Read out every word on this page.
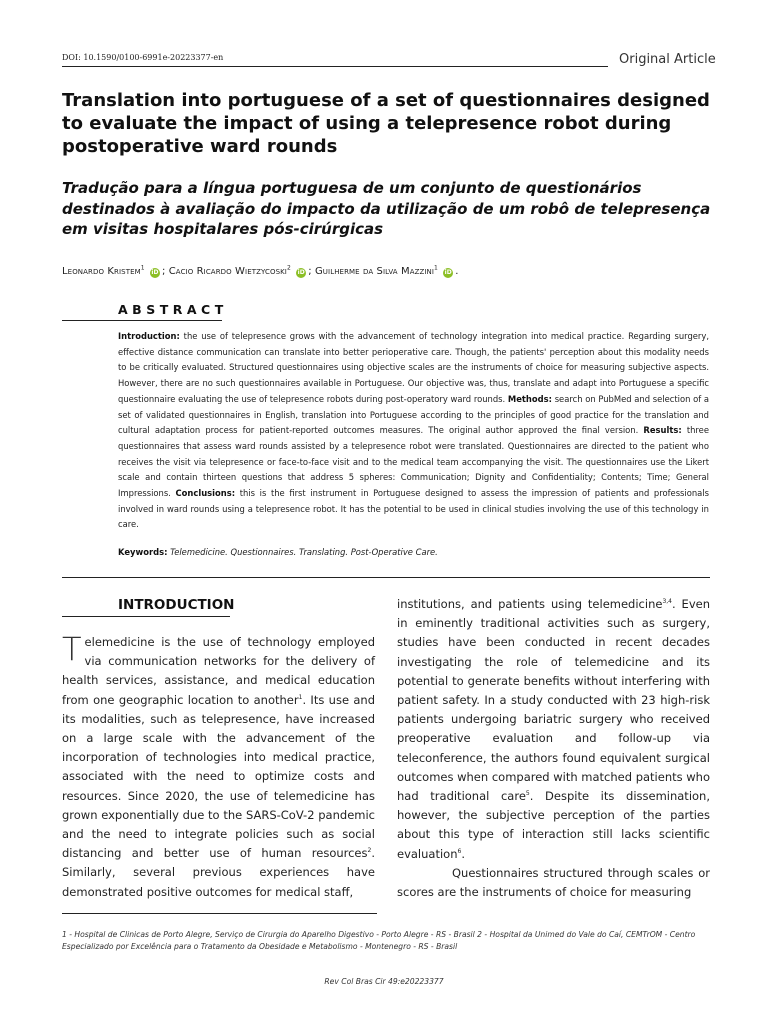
DOI: 10.1590/0100-6991e-20223377-en	Original Article
Translation into portuguese of a set of questionnaires designed to evaluate the impact of using a telepresence robot during postoperative ward rounds
Tradução para a língua portuguesa de um conjunto de questionários destinados à avaliação do impacto da utilização de um robô de telepresença em visitas hospitalares pós-cirúrgicas
Leonardo Kristem$^1$ iD ; Cacio Ricardo Wietzycoski$^2$ iD ; Guilherme da Silva Mazzini$^1$ iD .
ABSTRACT
Introduction: the use of telepresence grows with the advancement of technology integration into medical practice. Regarding surgery, effective distance communication can translate into better perioperative care. Though, the patients' perception about this modality needs to be critically evaluated. Structured questionnaires using objective scales are the instruments of choice for measuring subjective aspects. However, there are no such questionnaires available in Portuguese. Our objective was, thus, translate and adapt into Portuguese a specific questionnaire evaluating the use of telepresence robots during post-operatory ward rounds. Methods: search on PubMed and selection of a set of validated questionnaires in English, translation into Portuguese according to the principles of good practice for the translation and cultural adaptation process for patient-reported outcomes measures. The original author approved the final version. Results: three questionnaires that assess ward rounds assisted by a telepresence robot were translated. Questionnaires are directed to the patient who receives the visit via telepresence or face-to-face visit and to the medical team accompanying the visit. The questionnaires use the Likert scale and contain thirteen questions that address 5 spheres: Communication; Dignity and Confidentiality; Contents; Time; General Impressions. Conclusions: this is the first instrument in Portuguese designed to assess the impression of patients and professionals involved in ward rounds using a telepresence robot. It has the potential to be used in clinical studies involving the use of this technology in care.
Keywords: Telemedicine. Questionnaires. Translating. Post-Operative Care.
INTRODUCTION
Telemedicine is the use of technology employed via communication networks for the delivery of health services, assistance, and medical education from one geographic location to another$^1$. Its use and its modalities, such as telepresence, have increased on a large scale with the advancement of the incorporation of technologies into medical practice, associated with the need to optimize costs and resources. Since 2020, the use of telemedicine has grown exponentially due to the SARS-CoV-2 pandemic and the need to integrate policies such as social distancing and better use of human resources$^2$. Similarly, several previous experiences have demonstrated positive outcomes for medical staff,

institutions, and patients using telemedicine$^{3,4}$. Even in eminently traditional activities such as surgery, studies have been conducted in recent decades investigating the role of telemedicine and its potential to generate benefits without interfering with patient safety. In a study conducted with 23 high-risk patients undergoing bariatric surgery who received preoperative evaluation and follow-up via teleconference, the authors found equivalent surgical outcomes when compared with matched patients who had traditional care$^5$. Despite its dissemination, however, the subjective perception of the parties about this type of interaction still lacks scientific evaluation$^6$.

Questionnaires structured through scales or scores are the instruments of choice for measuring

1 - Hospital de Clinicas de Porto Alegre, Serviço de Cirurgia do Aparelho Digestivo - Porto Alegre - RS - Brasil 2 - Hospital da Unimed do Vale do Caí, CEMTrOM - Centro Especializado por Excelência para o Tratamento da Obesidade e Metabolismo - Montenegro - RS - Brasil
Rev Col Bras Cir 49:e20223377
